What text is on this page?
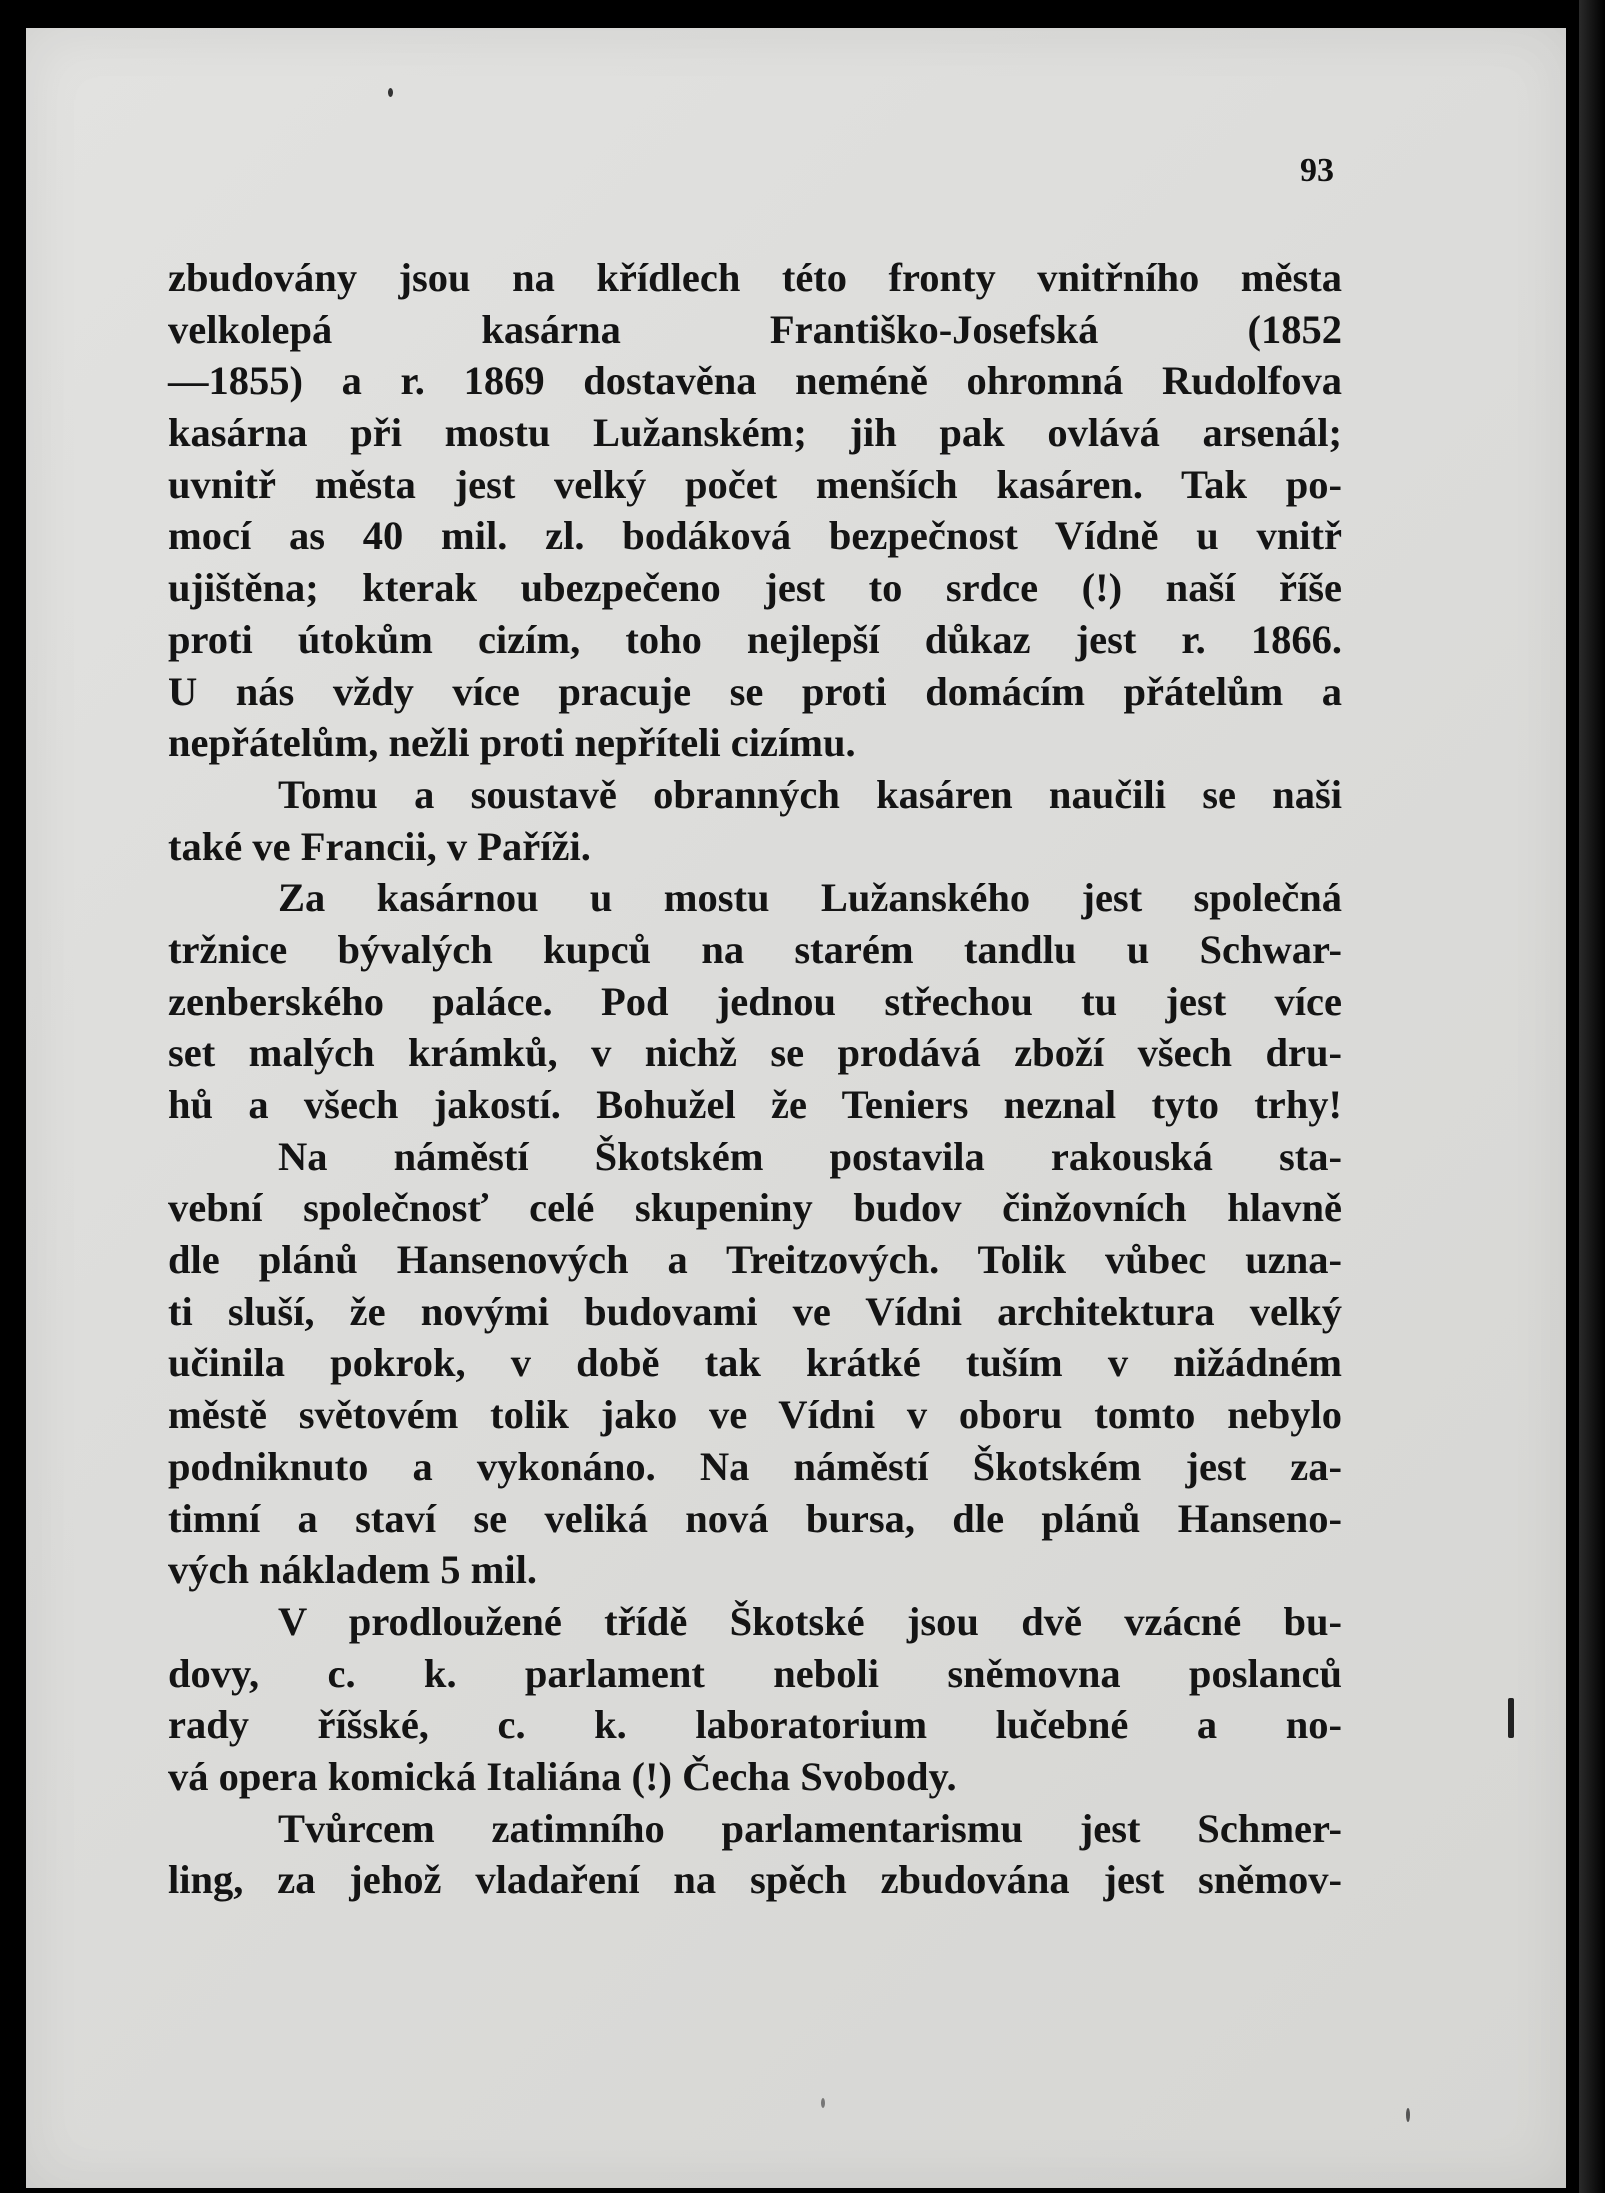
93
zbudovány jsou na křídlech této fronty vnitřního města
velkolepá kasárna Františko-Josefská (1852
—1855) a r. 1869 dostavěna neméně ohromná Rudolfova
kasárna při mostu Lužanském; jih pak ovlává arsenál;
uvnitř města jest velký počet menších kasáren. Tak po-
mocí as 40 mil. zl. bodáková bezpečnost Vídně u vnitř
ujištěna; kterak ubezpečeno jest to srdce (!) naší říše
proti útokům cizím, toho nejlepší důkaz jest r. 1866.
U nás vždy více pracuje se proti domácím přátelům a
nepřátelům, nežli proti nepříteli cizímu.
Tomu a soustavě obranných kasáren naučili se naši
také ve Francii, v Paříži.
Za kasárnou u mostu Lužanského jest společná
tržnice bývalých kupců na starém tandlu u Schwar-
zenberského paláce. Pod jednou střechou tu jest více
set malých krámků, v nichž se prodává zboží všech dru-
hů a všech jakostí. Bohužel že Teniers neznal tyto trhy!
Na náměstí Škotském postavila rakouská sta-
vební společnosť celé skupeniny budov činžovních hlavně
dle plánů Hansenových a Treitzových. Tolik vůbec uzna-
ti sluší, že novými budovami ve Vídni architektura velký
učinila pokrok, v době tak krátké tuším v nižádném
městě světovém tolik jako ve Vídni v oboru tomto nebylo
podniknuto a vykonáno. Na náměstí Škotském jest za-
timní a staví se veliká nová bursa, dle plánů Hanseno-
vých nákladem 5 mil.
V prodloužené třídě Škotské jsou dvě vzácné bu-
dovy, c. k. parlament neboli sněmovna poslanců
rady říšské, c. k. laboratorium lučebné a no-
vá opera komická Italiána (!) Čecha Svobody.
Tvůrcem zatimního parlamentarismu jest Schmer-
ling, za jehož vladaření na spěch zbudována jest sněmov-
